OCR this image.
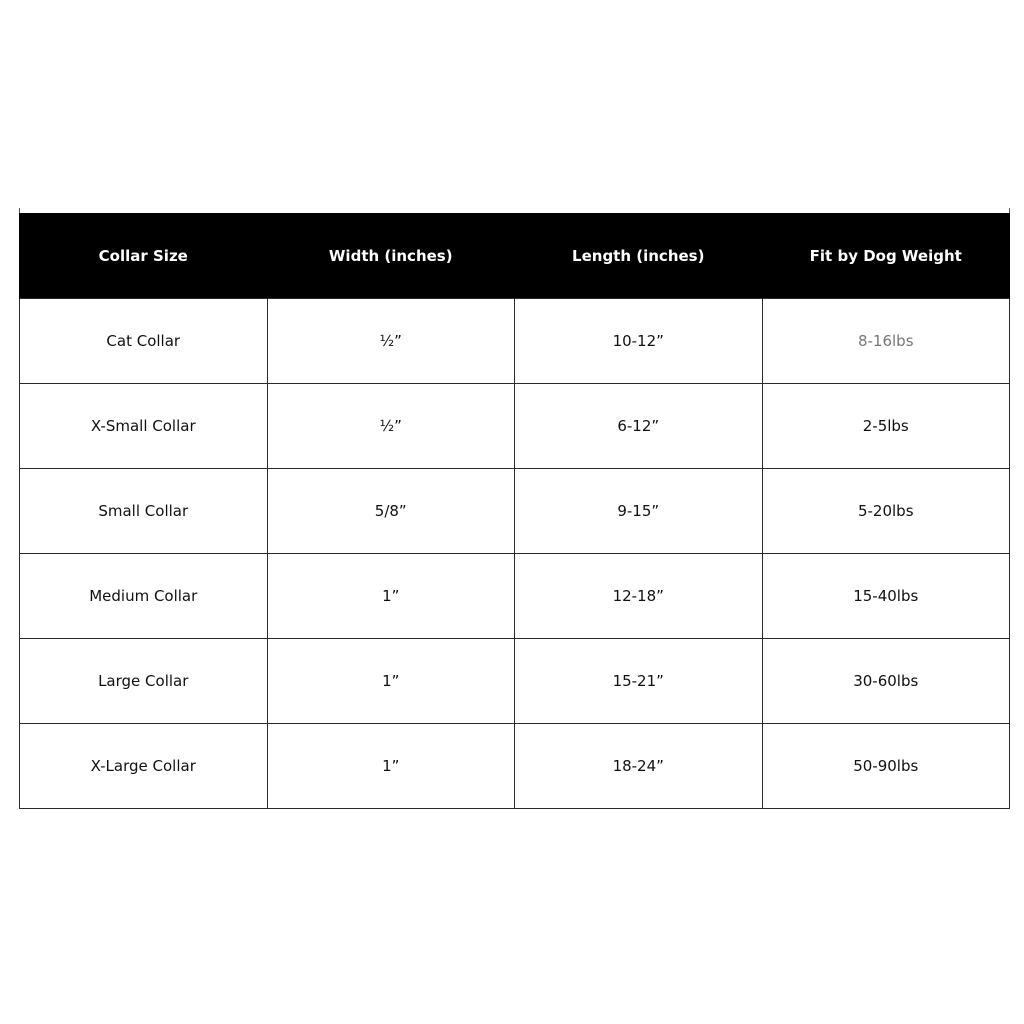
Collar Size	Width (inches)	Length (inches)	Fit by Dog Weight
Cat Collar	½”	10-12”	8-16lbs
X-Small Collar	½”	6-12”	2-5lbs
Small Collar	5/8”	9-15”	5-20lbs
Medium Collar	1”	12-18”	15-40lbs
Large Collar	1”	15-21”	30-60lbs
X-Large Collar	1”	18-24”	50-90lbs
